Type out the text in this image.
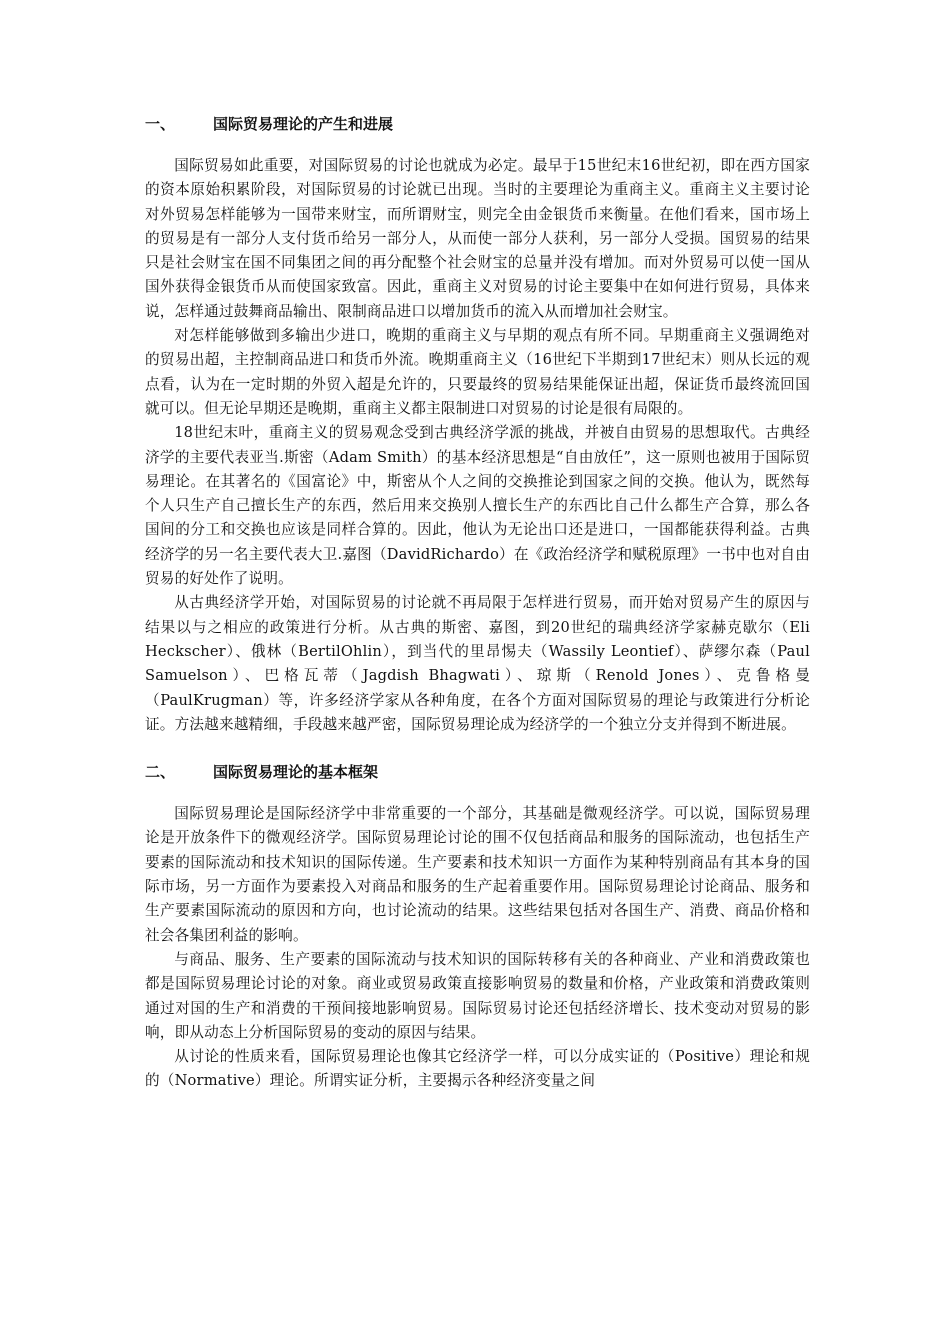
一、	国际贸易理论的产生和进展

国际贸易如此重要，对国际贸易的讨论也就成为必定。最早于15世纪末16世纪初，即在西方国家的资本原始积累阶段，对国际贸易的讨论就已出现。当时的主要理论为重商主义。重商主义主要讨论对外贸易怎样能够为一国带来财宝，而所谓财宝，则完全由金银货币来衡量。在他们看来，国市场上的贸易是有一部分人支付货币给另一部分人，从而使一部分人获利，另一部分人受损。国贸易的结果只是社会财宝在国不同集团之间的再分配整个社会财宝的总量并没有增加。而对外贸易可以使一国从国外获得金银货币从而使国家致富。因此，重商主义对贸易的讨论主要集中在如何进行贸易，具体来说，怎样通过鼓舞商品输出、限制商品进口以增加货币的流入从而增加社会财宝。

对怎样能够做到多输出少进口，晚期的重商主义与早期的观点有所不同。早期重商主义强调绝对的贸易出超，主控制商品进口和货币外流。晚期重商主义（16世纪下半期到17世纪末）则从长远的观点看，认为在一定时期的外贸入超是允许的，只要最终的贸易结果能保证出超，保证货币最终流回国就可以。但无论早期还是晚期，重商主义都主限制进口对贸易的讨论是很有局限的。

18世纪末叶，重商主义的贸易观念受到古典经济学派的挑战，并被自由贸易的思想取代。古典经济学的主要代表亚当.斯密（Adam Smith）的基本经济思想是“自由放任”，这一原则也被用于国际贸易理论。在其著名的《国富论》中，斯密从个人之间的交换推论到国家之间的交换。他认为，既然每个人只生产自己擅长生产的东西，然后用来交换别人擅长生产的东西比自己什么都生产合算，那么各国间的分工和交换也应该是同样合算的。因此，他认为无论出口还是进口，一国都能获得利益。古典经济学的另一名主要代表大卫.嘉图（DavidRichardo）在《政治经济学和赋税原理》一书中也对自由贸易的好处作了说明。

从古典经济学开始，对国际贸易的讨论就不再局限于怎样进行贸易，而开始对贸易产生的原因与结果以与之相应的政策进行分析。从古典的斯密、嘉图，到20世纪的瑞典经济学家赫克歇尔（Eli Heckscher）、俄林（BertilOhlin），到当代的里昂惕夫（Wassily Leontief）、萨缪尔森（Paul Samuelson）、巴格瓦蒂（Jagdish Bhagwati）、琼斯（Renold Jones）、克鲁格曼（PaulKrugman）等，许多经济学家从各种角度，在各个方面对国际贸易的理论与政策进行分析论证。方法越来越精细，手段越来越严密，国际贸易理论成为经济学的一个独立分支并得到不断进展。

二、	国际贸易理论的基本框架

国际贸易理论是国际经济学中非常重要的一个部分，其基础是微观经济学。可以说，国际贸易理论是开放条件下的微观经济学。国际贸易理论讨论的围不仅包括商品和服务的国际流动，也包括生产要素的国际流动和技术知识的国际传递。生产要素和技术知识一方面作为某种特别商品有其本身的国际市场，另一方面作为要素投入对商品和服务的生产起着重要作用。国际贸易理论讨论商品、服务和生产要素国际流动的原因和方向，也讨论流动的结果。这些结果包括对各国生产、消费、商品价格和社会各集团利益的影响。

与商品、服务、生产要素的国际流动与技术知识的国际转移有关的各种商业、产业和消费政策也都是国际贸易理论讨论的对象。商业或贸易政策直接影响贸易的数量和价格，产业政策和消费政策则通过对国的生产和消费的干预间接地影响贸易。国际贸易讨论还包括经济增长、技术变动对贸易的影响，即从动态上分析国际贸易的变动的原因与结果。

从讨论的性质来看，国际贸易理论也像其它经济学一样，可以分成实证的（Positive）理论和规的（Normative）理论。所谓实证分析，主要揭示各种经济变量之间
